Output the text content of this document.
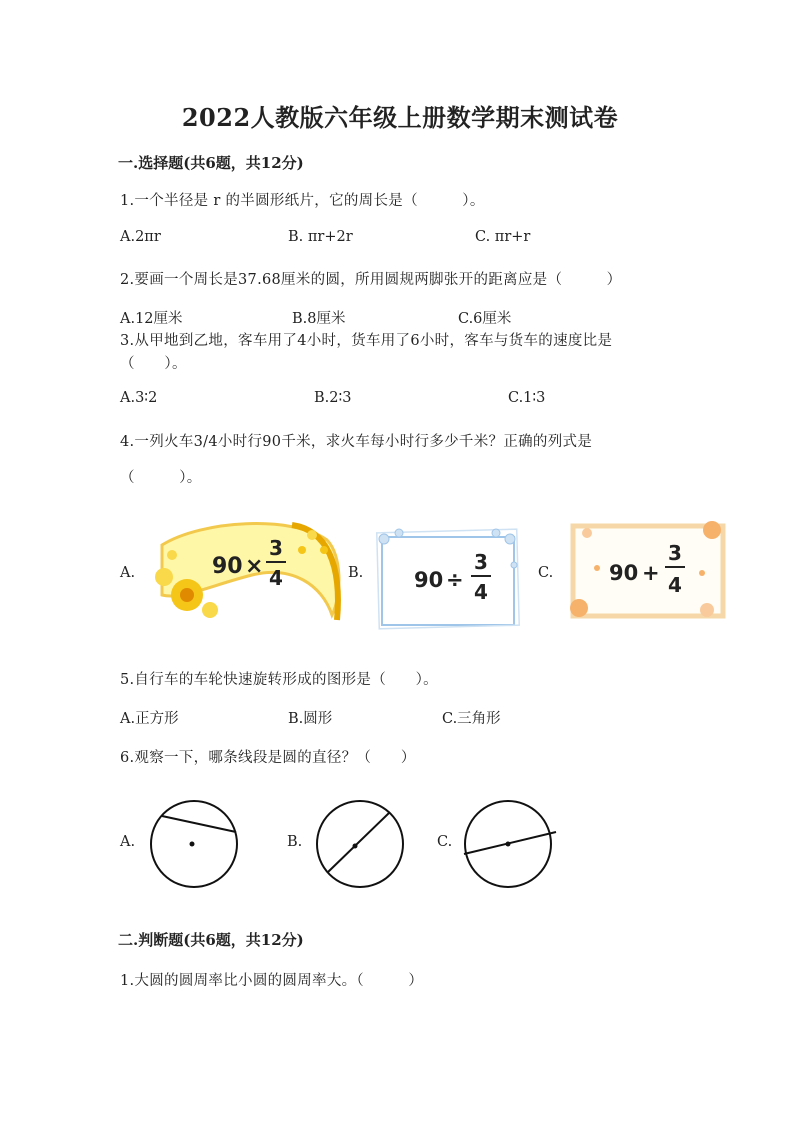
2022人教版六年级上册数学期末测试卷
一.选择题(共6题，共12分)
1.一个半径是 r 的半圆形纸片，它的周长是（　　　）。
A.2πr	B. πr+2r	C. πr+r
2.要画一个周长是37.68厘米的圆，所用圆规两脚张开的距离应是（　　　）
A.12厘米	B.8厘米	C.6厘米
3.从甲地到乙地，客车用了4小时，货车用了6小时，客车与货车的速度比是
（　　）。
A.3∶2	B.2∶3	C.1∶3
4.一列火车3/4小时行90千米，求火车每小时行多少千米？正确的列式是
（　　　）。
A.	B.	C.
90 ×
3
4	90 ÷
3
4
90 +
3
4
5.自行车的车轮快速旋转形成的图形是（　　）。
A.正方形	B.圆形	C.三角形
6.观察一下，哪条线段是圆的直径？（　　）
A.	B.	C.
二.判断题(共6题，共12分)
1.大圆的圆周率比小圆的圆周率大。（　　　）
